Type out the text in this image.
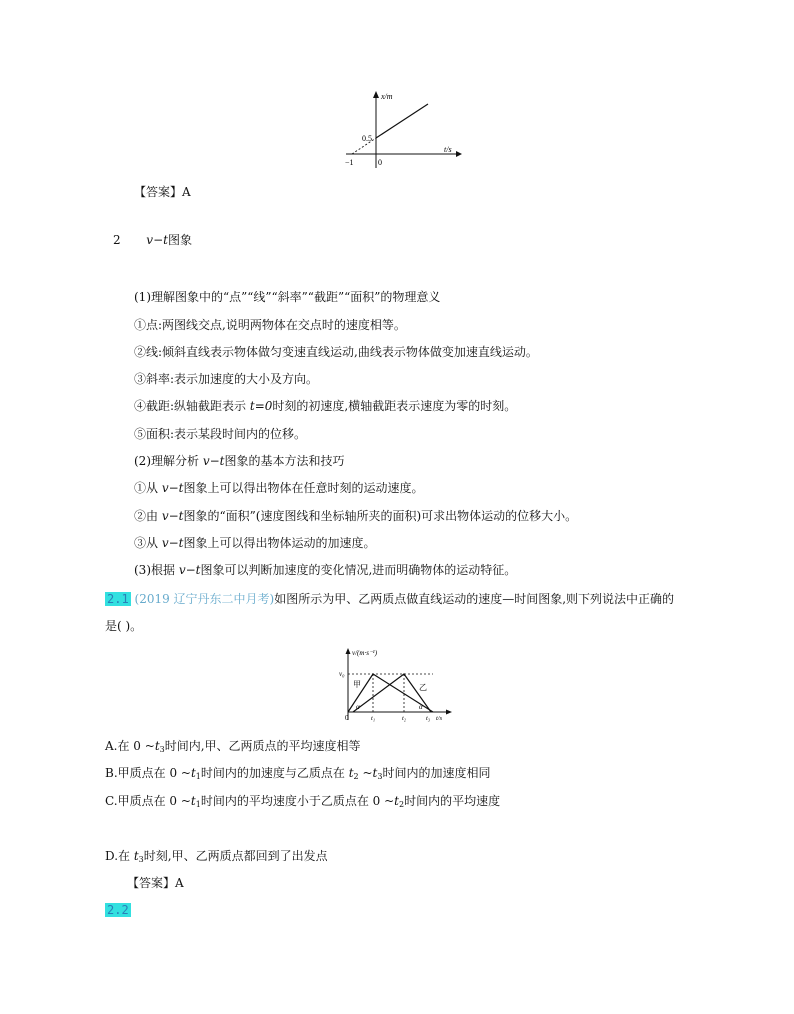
x/m
t/s
0.5
−1	0
【答案】A
2 v−t图象
(1)理解图象中的“点”“线”“斜率”“截距”“面积”的物理意义
①点:两图线交点,说明两物体在交点时的速度相等。
②线:倾斜直线表示物体做匀变速直线运动,曲线表示物体做变加速直线运动。
③斜率:表示加速度的大小及方向。
④截距:纵轴截距表示 t=0时刻的初速度,横轴截距表示速度为零的时刻。
⑤面积:表示某段时间内的位移。
(2)理解分析 v−t图象的基本方法和技巧
①从 v−t图象上可以得出物体在任意时刻的运动速度。
②由 v−t图象的“面积”(速度图线和坐标轴所夹的面积)可求出物体运动的位移大小。
③从 v−t图象上可以得出物体运动的加速度。
(3)根据 v−t图象可以判断加速度的变化情况,进而明确物体的运动特征。
2.1 (2019 辽宁丹东二中月考)如图所示为甲、乙两质点做直线运动的速度—时间图象,则下列说法中正确的
是( )。
v/(m·s⁻¹)
t/s
v₀
甲	乙
α	α
0	t₁	t₂	t₃
A.在 0 $\sim t_3$时间内,甲、乙两质点的平均速度相等
B.甲质点在 0 $\sim t_1$时间内的加速度与乙质点在 $t_2$ $\sim t_3$时间内的加速度相同
C.甲质点在 0 $\sim t_1$时间内的平均速度小于乙质点在 0 $\sim t_2$时间内的平均速度
D.在 $t_3$时刻,甲、乙两质点都回到了出发点
【答案】A
2.2
